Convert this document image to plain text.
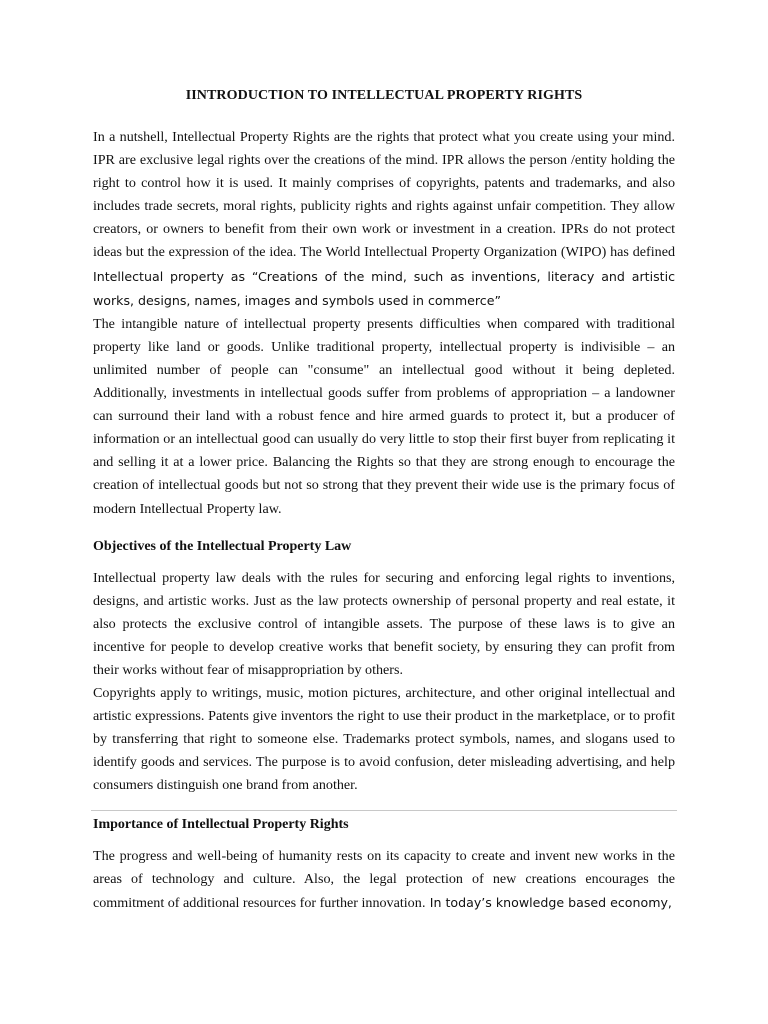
IINTRODUCTION TO INTELLECTUAL PROPERTY RIGHTS

In a nutshell, Intellectual Property Rights are the rights that protect what you create using your mind. IPR are exclusive legal rights over the creations of the mind. IPR allows the person /entity holding the right to control how it is used. It mainly comprises of copyrights, patents and trademarks, and also includes trade secrets, moral rights, publicity rights and rights against unfair competition. They allow creators, or owners to benefit from their own work or investment in a creation. IPRs do not protect ideas but the expression of the idea. The World Intellectual Property Organization (WIPO) has defined Intellectual property as “Creations of the mind, such as inventions, literacy and artistic works, designs, names, images and symbols used in commerce”

The intangible nature of intellectual property presents difficulties when compared with traditional property like land or goods. Unlike traditional property, intellectual property is indivisible – an unlimited number of people can "consume" an intellectual good without it being depleted. Additionally, investments in intellectual goods suffer from problems of appropriation – a landowner can surround their land with a robust fence and hire armed guards to protect it, but a producer of information or an intellectual good can usually do very little to stop their first buyer from replicating it and selling it at a lower price. Balancing the Rights so that they are strong enough to encourage the creation of intellectual goods but not so strong that they prevent their wide use is the primary focus of modern Intellectual Property law.

Objectives of the Intellectual Property Law

Intellectual property law deals with the rules for securing and enforcing legal rights to inventions, designs, and artistic works. Just as the law protects ownership of personal property and real estate, it also protects the exclusive control of intangible assets. The purpose of these laws is to give an incentive for people to develop creative works that benefit society, by ensuring they can profit from their works without fear of misappropriation by others.

Copyrights apply to writings, music, motion pictures, architecture, and other original intellectual and artistic expressions. Patents give inventors the right to use their product in the marketplace, or to profit by transferring that right to someone else. Trademarks protect symbols, names, and slogans used to identify goods and services. The purpose is to avoid confusion, deter misleading advertising, and help consumers distinguish one brand from another.

Importance of Intellectual Property Rights

The progress and well-being of humanity rests on its capacity to create and invent new works in the areas of technology and culture. Also, the legal protection of new creations encourages the commitment of additional resources for further innovation. In today’s knowledge based economy,
